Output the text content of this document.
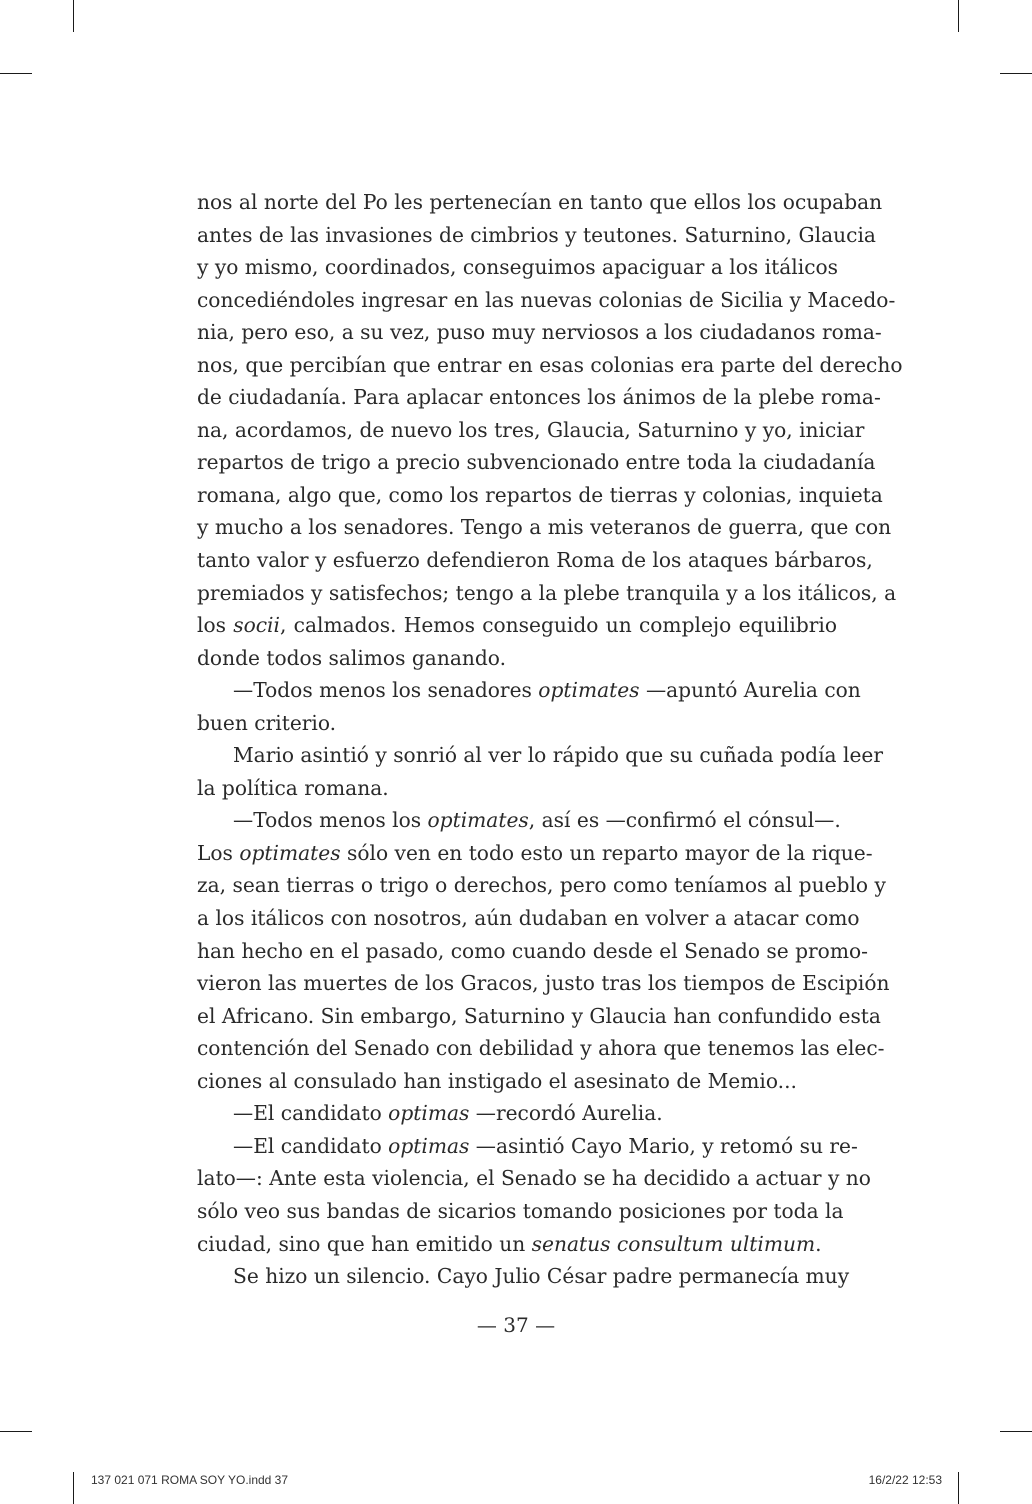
nos al norte del Po les pertenecían en tanto que ellos los ocupaban
antes de las invasiones de cimbrios y teutones. Saturnino, Glaucia
y yo mismo, coordinados, conseguimos apaciguar a los itálicos
concediéndoles ingresar en las nuevas colonias de Sicilia y Macedo-
nia, pero eso, a su vez, puso muy nerviosos a los ciudadanos roma-
nos, que percibían que entrar en esas colonias era parte del derecho
de ciudadanía. Para aplacar entonces los ánimos de la plebe roma-
na, acordamos, de nuevo los tres, Glaucia, Saturnino y yo, iniciar
repartos de trigo a precio subvencionado entre toda la ciudadanía
romana, algo que, como los repartos de tierras y colonias, inquieta
y mucho a los senadores. Tengo a mis veteranos de guerra, que con
tanto valor y esfuerzo defendieron Roma de los ataques bárbaros,
premiados y satisfechos; tengo a la plebe tranquila y a los itálicos, a
los socii, calmados. Hemos conseguido un complejo equilibrio
donde todos salimos ganando.
—Todos menos los senadores optimates —apuntó Aurelia con
buen criterio.
Mario asintió y sonrió al ver lo rápido que su cuñada podía leer
la política romana.
—Todos menos los optimates, así es —confirmó el cónsul—.
Los optimates sólo ven en todo esto un reparto mayor de la rique-
za, sean tierras o trigo o derechos, pero como teníamos al pueblo y
a los itálicos con nosotros, aún dudaban en volver a atacar como
han hecho en el pasado, como cuando desde el Senado se promo-
vieron las muertes de los Gracos, justo tras los tiempos de Escipión
el Africano. Sin embargo, Saturnino y Glaucia han confundido esta
contención del Senado con debilidad y ahora que tenemos las elec-
ciones al consulado han instigado el asesinato de Memio...
—El candidato optimas —recordó Aurelia.
—El candidato optimas —asintió Cayo Mario, y retomó su re-
lato—: Ante esta violencia, el Senado se ha decidido a actuar y no
sólo veo sus bandas de sicarios tomando posiciones por toda la
ciudad, sino que han emitido un senatus consultum ultimum.
Se hizo un silencio. Cayo Julio César padre permanecía muy
— 37 —
137 021 071 ROMA SOY YO.indd 37	16/2/22 12:53
